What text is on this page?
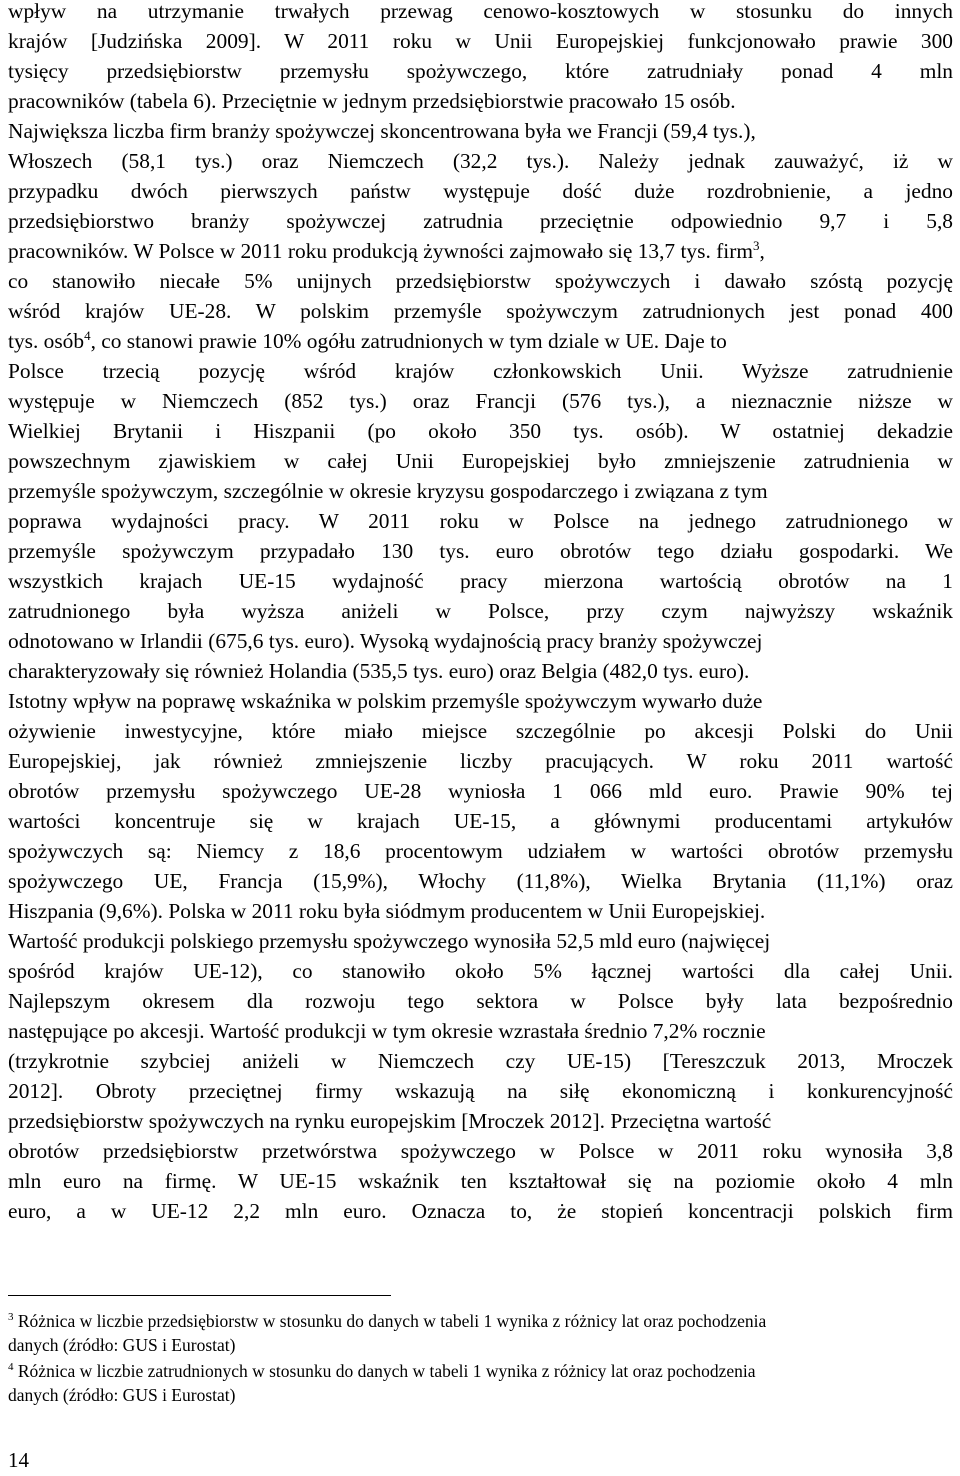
wpływ na utrzymanie trwałych przewag cenowo-kosztowych w stosunku do innych
krajów [Judzińska 2009]. W 2011 roku w Unii Europejskiej funkcjonowało prawie 300
tysięcy przedsiębiorstw przemysłu spożywczego, które zatrudniały ponad 4 mln
pracowników (tabela 6). Przeciętnie w jednym przedsiębiorstwie pracowało 15 osób.
Największa liczba firm branży spożywczej skoncentrowana była we Francji (59,4 tys.),
Włoszech (58,1 tys.) oraz Niemczech (32,2 tys.). Należy jednak zauważyć, iż w
przypadku dwóch pierwszych państw występuje dość duże rozdrobnienie, a jedno
przedsiębiorstwo branży spożywczej zatrudnia przeciętnie odpowiednio 9,7 i 5,8
pracowników. W Polsce w 2011 roku produkcją żywności zajmowało się 13,7 tys. firm$^3$,
co stanowiło niecałe 5% unijnych przedsiębiorstw spożywczych i dawało szóstą pozycję
wśród krajów UE-28. W polskim przemyśle spożywczym zatrudnionych jest ponad 400
tys. osób$^4$, co stanowi prawie 10% ogółu zatrudnionych w tym dziale w UE. Daje to
Polsce trzecią pozycję wśród krajów członkowskich Unii. Wyższe zatrudnienie
występuje w Niemczech (852 tys.) oraz Francji (576 tys.), a nieznacznie niższe w
Wielkiej Brytanii i Hiszpanii (po około 350 tys. osób). W ostatniej dekadzie
powszechnym zjawiskiem w całej Unii Europejskiej było zmniejszenie zatrudnienia w
przemyśle spożywczym, szczególnie w okresie kryzysu gospodarczego i związana z tym
poprawa wydajności pracy. W 2011 roku w Polsce na jednego zatrudnionego w
przemyśle spożywczym przypadało 130 tys. euro obrotów tego działu gospodarki. We
wszystkich krajach UE-15 wydajność pracy mierzona wartością obrotów na 1
zatrudnionego była wyższa aniżeli w Polsce, przy czym najwyższy wskaźnik
odnotowano w Irlandii (675,6 tys. euro). Wysoką wydajnością pracy branży spożywczej
charakteryzowały się również Holandia (535,5 tys. euro) oraz Belgia (482,0 tys. euro).
Istotny wpływ na poprawę wskaźnika w polskim przemyśle spożywczym wywarło duże
ożywienie inwestycyjne, które miało miejsce szczególnie po akcesji Polski do Unii
Europejskiej, jak również zmniejszenie liczby pracujących. W roku 2011 wartość
obrotów przemysłu spożywczego UE-28 wyniosła 1 066 mld euro. Prawie 90% tej
wartości koncentruje się w krajach UE-15, a głównymi producentami artykułów
spożywczych są: Niemcy z 18,6 procentowym udziałem w wartości obrotów przemysłu
spożywczego UE, Francja (15,9%), Włochy (11,8%), Wielka Brytania (11,1%) oraz
Hiszpania (9,6%). Polska w 2011 roku była siódmym producentem w Unii Europejskiej.
Wartość produkcji polskiego przemysłu spożywczego wynosiła 52,5 mld euro (najwięcej
spośród krajów UE-12), co stanowiło około 5% łącznej wartości dla całej Unii.
Najlepszym okresem dla rozwoju tego sektora w Polsce były lata bezpośrednio
następujące po akcesji. Wartość produkcji w tym okresie wzrastała średnio 7,2% rocznie
(trzykrotnie szybciej aniżeli w Niemczech czy UE-15) [Tereszczuk 2013, Mroczek
2012]. Obroty przeciętnej firmy wskazują na siłę ekonomiczną i konkurencyjność
przedsiębiorstw spożywczych na rynku europejskim [Mroczek 2012]. Przeciętna wartość
obrotów przedsiębiorstw przetwórstwa spożywczego w Polsce w 2011 roku wynosiła 3,8
mln euro na firmę. W UE-15 wskaźnik ten kształtował się na poziomie około 4 mln
euro, a w UE-12 2,2 mln euro. Oznacza to, że stopień koncentracji polskich firm
$^3$ Różnica w liczbie przedsiębiorstw w stosunku do danych w tabeli 1 wynika z różnicy lat oraz pochodzenia
danych (źródło: GUS i Eurostat)
$^4$ Różnica w liczbie zatrudnionych w stosunku do danych w tabeli 1 wynika z różnicy lat oraz pochodzenia
danych (źródło: GUS i Eurostat)
14
